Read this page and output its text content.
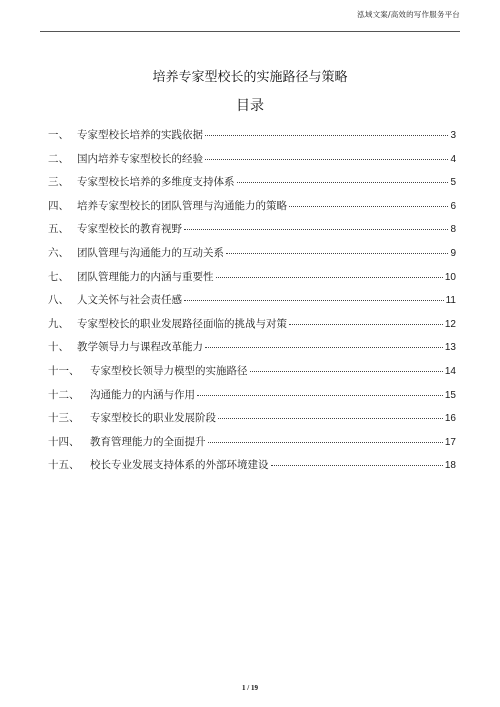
泓域文案/高效的写作服务平台
培养专家型校长的实施路径与策略
目录
一、 专家型校长培养的实践依据	3
二、 国内培养专家型校长的经验	4
三、 专家型校长培养的多维度支持体系	5
四、 培养专家型校长的团队管理与沟通能力的策略	6
五、 专家型校长的教育视野	8
六、 团队管理与沟通能力的互动关系	9
七、 团队管理能力的内涵与重要性	10
八、 人文关怀与社会责任感	11
九、 专家型校长的职业发展路径面临的挑战与对策	12
十、 教学领导力与课程改革能力	13
十一、	专家型校长领导力模型的实施路径	14
十二、	沟通能力的内涵与作用	15
十三、	专家型校长的职业发展阶段	16
十四、	教育管理能力的全面提升	17
十五、	校长专业发展支持体系的外部环境建设	18
1 / 19
